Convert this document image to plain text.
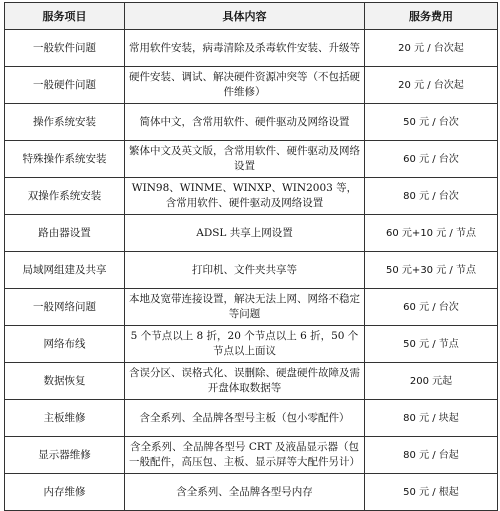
服务项目	具体内容	服务费用
一般软件问题	常用软件安装，病毒清除及杀毒软件安装、升级等	20 元 / 台次起
一般硬件问题	硬件安装、调试、解决硬件资源冲突等（不包括硬件维修）	20 元 / 台次起
操作系统安装	简体中文，含常用软件、硬件驱动及网络设置	50 元 / 台次
特殊操作系统安装	繁体中文及英文版，含常用软件、硬件驱动及网络设置	60 元 / 台次
双操作系统安装	WIN98、WINME、WINXP、WIN2003 等，含常用软件、硬件驱动及网络设置	80 元 / 台次
路由器设置	ADSL 共享上网设置	60 元+10 元 / 节点
局域网组建及共享	打印机、文件夹共享等	50 元+30 元 / 节点
一般网络问题	本地及宽带连接设置，解决无法上网、网络不稳定等问题	60 元 / 台次
网络布线	5 个节点以上 8 折，20 个节点以上 6 折，50 个节点以上面议	50 元 / 节点
数据恢复	含误分区、误格式化、误删除、硬盘硬件故障及需开盘体取数据等	200 元起
主板维修	含全系列、全品牌各型号主板（包小零配件）	80 元 / 块起
显示器维修	含全系列、全品牌各型号 CRT 及液晶显示器（包一般配件，高压包、主板、显示屏等大配件另计）	80 元 / 台起
内存维修	含全系列、全品牌各型号内存	50 元 / 根起
